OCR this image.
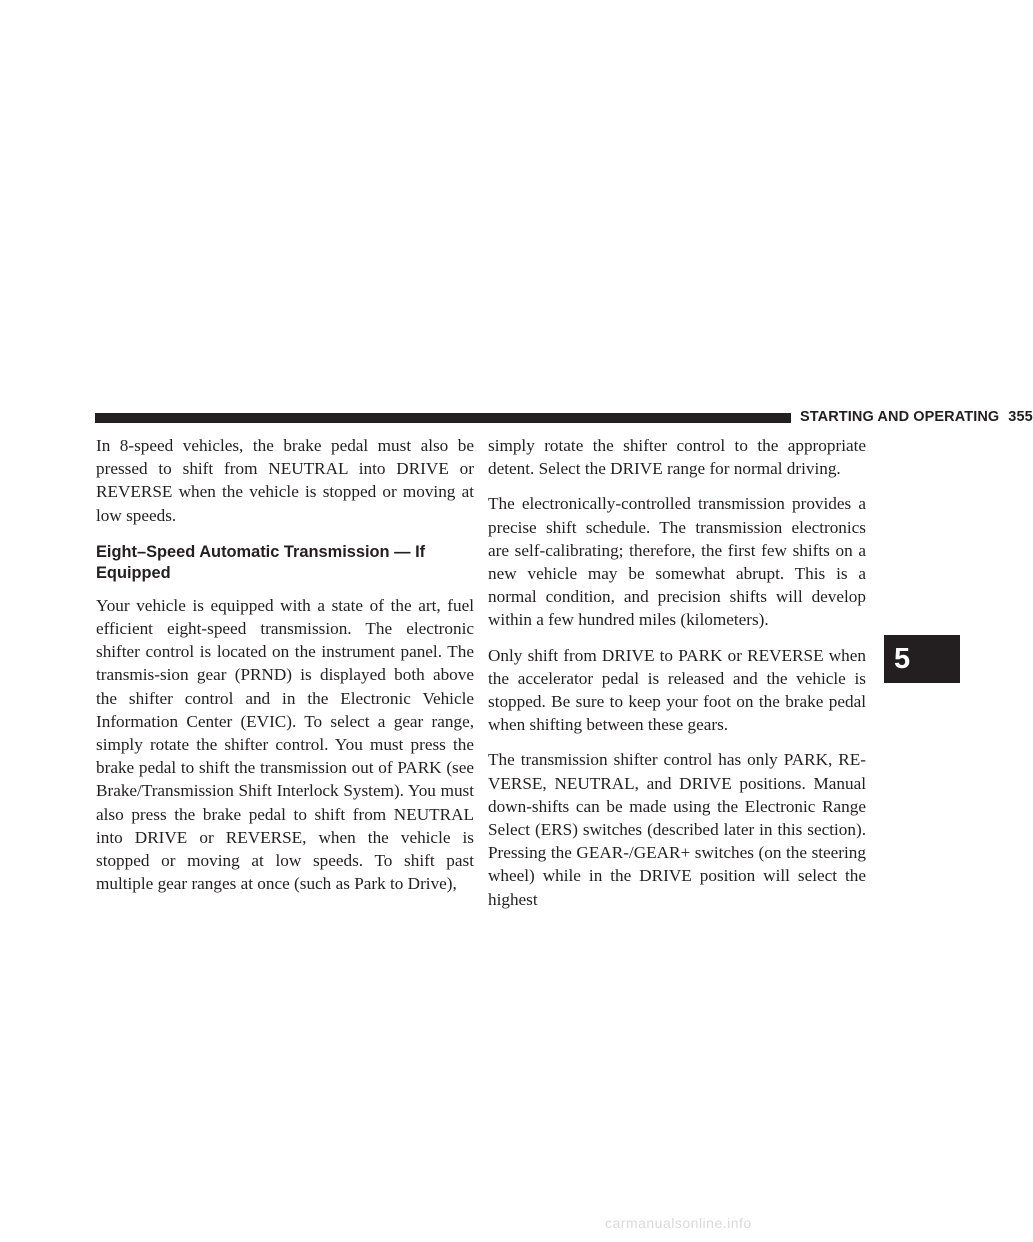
STARTING AND OPERATING 355

In 8-speed vehicles, the brake pedal must also be pressed to shift from NEUTRAL into DRIVE or REVERSE when the vehicle is stopped or moving at low speeds.

Eight–Speed Automatic Transmission — If Equipped

Your vehicle is equipped with a state of the art, fuel efficient eight-speed transmission. The electronic shifter control is located on the instrument panel. The transmis-sion gear (PRND) is displayed both above the shifter control and in the Electronic Vehicle Information Center (EVIC). To select a gear range, simply rotate the shifter control. You must press the brake pedal to shift the transmission out of PARK (see Brake/Transmission Shift Interlock System). You must also press the brake pedal to shift from NEUTRAL into DRIVE or REVERSE, when the vehicle is stopped or moving at low speeds. To shift past multiple gear ranges at once (such as Park to Drive),

simply rotate the shifter control to the appropriate detent. Select the DRIVE range for normal driving.

The electronically-controlled transmission provides a precise shift schedule. The transmission electronics are self-calibrating; therefore, the first few shifts on a new vehicle may be somewhat abrupt. This is a normal condition, and precision shifts will develop within a few hundred miles (kilometers).

Only shift from DRIVE to PARK or REVERSE when the accelerator pedal is released and the vehicle is stopped. Be sure to keep your foot on the brake pedal when shifting between these gears.

The transmission shifter control has only PARK, RE-VERSE, NEUTRAL, and DRIVE positions. Manual down-shifts can be made using the Electronic Range Select (ERS) switches (described later in this section). Pressing the GEAR-/GEAR+ switches (on the steering wheel) while in the DRIVE position will select the highest

5
carmanualsonline.info
